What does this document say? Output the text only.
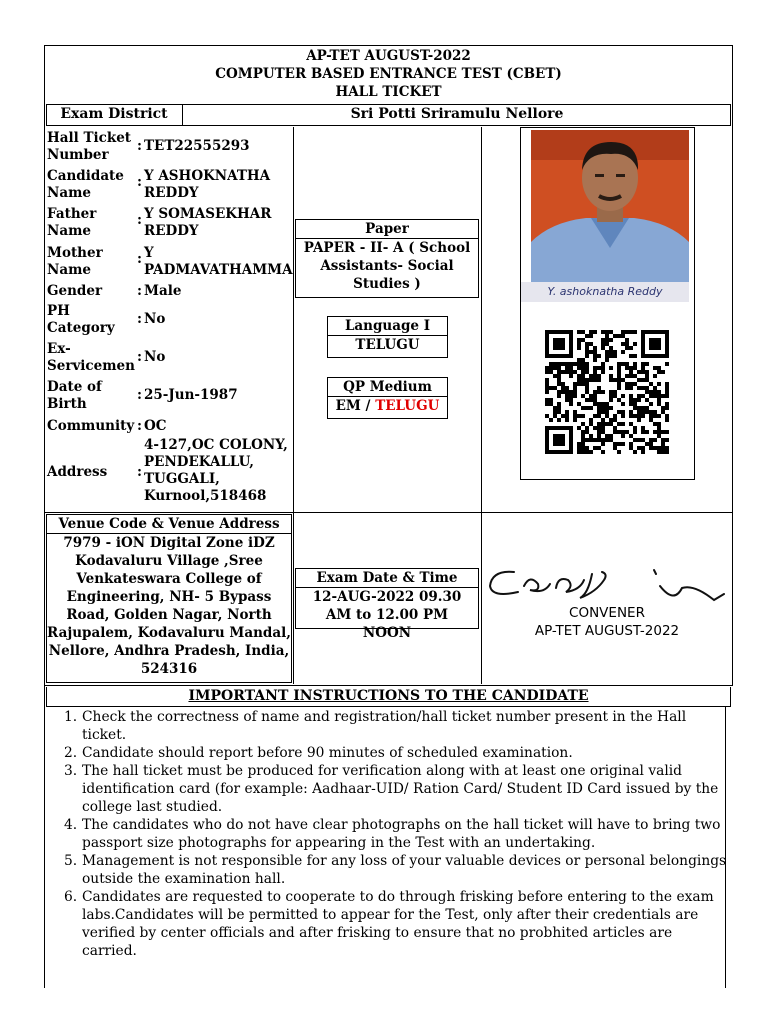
AP-TET AUGUST-2022
COMPUTER BASED ENTRANCE TEST (CBET)
HALL TICKET
Exam District	Sri Potti Sriramulu Nellore
Hall Ticket Number
: TET22555293
Candidate Name
: Y ASHOKNATHA REDDY
Father Name
: Y SOMASEKHAR REDDY
Mother Name
: Y PADMAVATHAMMA
Gender	: Male
PH Category
: No
Ex-Servicemen
: No
Date of Birth
: 25-Jun-1987
Community : OC
Address	:
4-127,OC COLONY, PENDEKALLU, TUGGALI, Kurnool,518468
Paper
PAPER - II- A ( School Assistants- Social Studies )
Language I
TELUGU
QP Medium
EM / TELUGU
Y. ashoknatha Reddy
Venue Code & Venue Address
7979 - iON Digital Zone iDZ Kodavaluru Village ,Sree Venkateswara College of Engineering, NH- 5 Bypass Road, Golden Nagar, North Rajupalem, Kodavaluru Mandal, Nellore, Andhra Pradesh, India, 524316
Exam Date & Time
12-AUG-2022 09.30 AM to 12.00 PM NOON
CONVENER
AP-TET AUGUST-2022
IMPORTANT INSTRUCTIONS TO THE CANDIDATE
1. Check the correctness of name and registration/hall ticket number present in the Hall ticket.
2. Candidate should report before 90 minutes of scheduled examination.
3. The hall ticket must be produced for verification along with at least one original valid identification card (for example: Aadhaar-UID/ Ration Card/ Student ID Card issued by the college last studied.
4. The candidates who do not have clear photographs on the hall ticket will have to bring two passport size photographs for appearing in the Test with an undertaking.
5. Management is not responsible for any loss of your valuable devices or personal belongings outside the examination hall.
6. Candidates are requested to cooperate to do through frisking before entering to the exam labs.Candidates will be permitted to appear for the Test, only after their credentials are verified by center officials and after frisking to ensure that no probhited articles are carried.
